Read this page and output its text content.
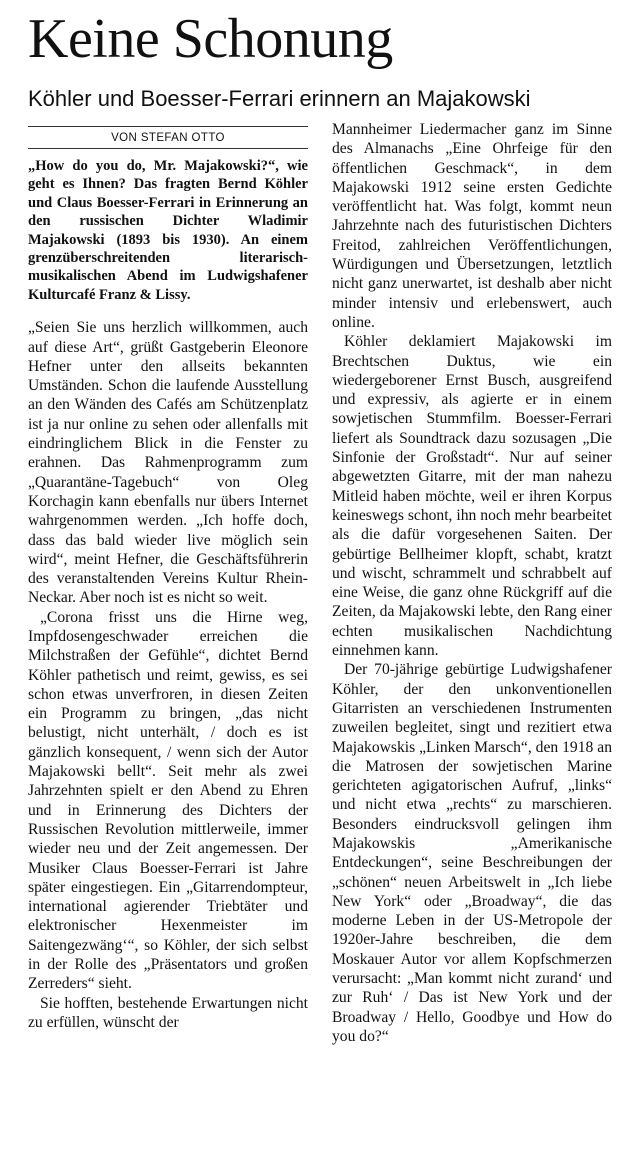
Keine Schonung
Köhler und Boesser-Ferrari erinnern an Majakowski
VON STEFAN OTTO

„How do you do, Mr. Majakowski?“, wie geht es Ihnen? Das fragten Bernd Köhler und Claus Boesser-Ferrari in Erinnerung an den russischen Dichter Wladimir Majakowski (1893 bis 1930). An einem grenzüberschreitenden literarisch-musikalischen Abend im Ludwigshafener Kulturcafé Franz & Lissy.

„Seien Sie uns herzlich willkommen, auch auf diese Art“, grüßt Gastgeberin Eleonore Hefner unter den allseits bekannten Umständen. Schon die laufende Ausstellung an den Wänden des Cafés am Schützenplatz ist ja nur online zu sehen oder allenfalls mit eindringlichem Blick in die Fenster zu erahnen. Das Rahmenprogramm zum „Quarantäne-Tagebuch“ von Oleg Korchagin kann ebenfalls nur übers Internet wahrgenommen werden. „Ich hoffe doch, dass das bald wieder live möglich sein wird“, meint Hefner, die Geschäftsführerin des veranstaltenden Vereins Kultur Rhein-Neckar. Aber noch ist es nicht so weit.

„Corona frisst uns die Hirne weg, Impfdosengeschwader erreichen die Milchstraßen der Gefühle“, dichtet Bernd Köhler pathetisch und reimt, gewiss, es sei schon etwas unverfroren, in diesen Zeiten ein Programm zu bringen, „das nicht belustigt, nicht unterhält, / doch es ist gänzlich konsequent, / wenn sich der Autor Majakowski bellt“. Seit mehr als zwei Jahrzehnten spielt er den Abend zu Ehren und in Erinnerung des Dichters der Russischen Revolution mittlerweile, immer wieder neu und der Zeit angemessen. Der Musiker Claus Boesser-Ferrari ist Jahre später eingestiegen. Ein „Gitarrendompteur, international agierender Triebtäter und elektronischer Hexenmeister im Saitengezwäng‘“, so Köhler, der sich selbst in der Rolle des „Präsentators und großen Zerreders“ sieht.

Sie hofften, bestehende Erwartungen nicht zu erfüllen, wünscht der

Mannheimer Liedermacher ganz im Sinne des Almanachs „Eine Ohrfeige für den öffentlichen Geschmack“, in dem Majakowski 1912 seine ersten Gedichte veröffentlicht hat. Was folgt, kommt neun Jahrzehnte nach des futuristischen Dichters Freitod, zahlreichen Veröffentlichungen, Würdigungen und Übersetzungen, letztlich nicht ganz unerwartet, ist deshalb aber nicht minder intensiv und erlebenswert, auch online.

Köhler deklamiert Majakowski im Brechtschen Duktus, wie ein wiedergeborener Ernst Busch, ausgreifend und expressiv, als agierte er in einem sowjetischen Stummfilm. Boesser-Ferrari liefert als Soundtrack dazu sozusagen „Die Sinfonie der Großstadt“. Nur auf seiner abgewetzten Gitarre, mit der man nahezu Mitleid haben möchte, weil er ihren Korpus keineswegs schont, ihn noch mehr bearbeitet als die dafür vorgesehenen Saiten. Der gebürtige Bellheimer klopft, schabt, kratzt und wischt, schrammelt und schrabbelt auf eine Weise, die ganz ohne Rückgriff auf die Zeiten, da Majakowski lebte, den Rang einer echten musikalischen Nachdichtung einnehmen kann.

Der 70-jährige gebürtige Ludwigshafener Köhler, der den unkonventionellen Gitarristen an verschiedenen Instrumenten zuweilen begleitet, singt und rezitiert etwa Majakowskis „Linken Marsch“, den 1918 an die Matrosen der sowjetischen Marine gerichteten agigatorischen Aufruf, „links“ und nicht etwa „rechts“ zu marschieren. Besonders eindrucksvoll gelingen ihm Majakowskis „Amerikanische Entdeckungen“, seine Beschreibungen der „schönen“ neuen Arbeitswelt in „Ich liebe New York“ oder „Broadway“, die das moderne Leben in der US-Metropole der 1920er-Jahre beschreiben, die dem Moskauer Autor vor allem Kopfschmerzen verursacht: „Man kommt nicht zurand‘ und zur Ruh‘ / Das ist New York und der Broadway / Hello, Goodbye und How do you do?“
